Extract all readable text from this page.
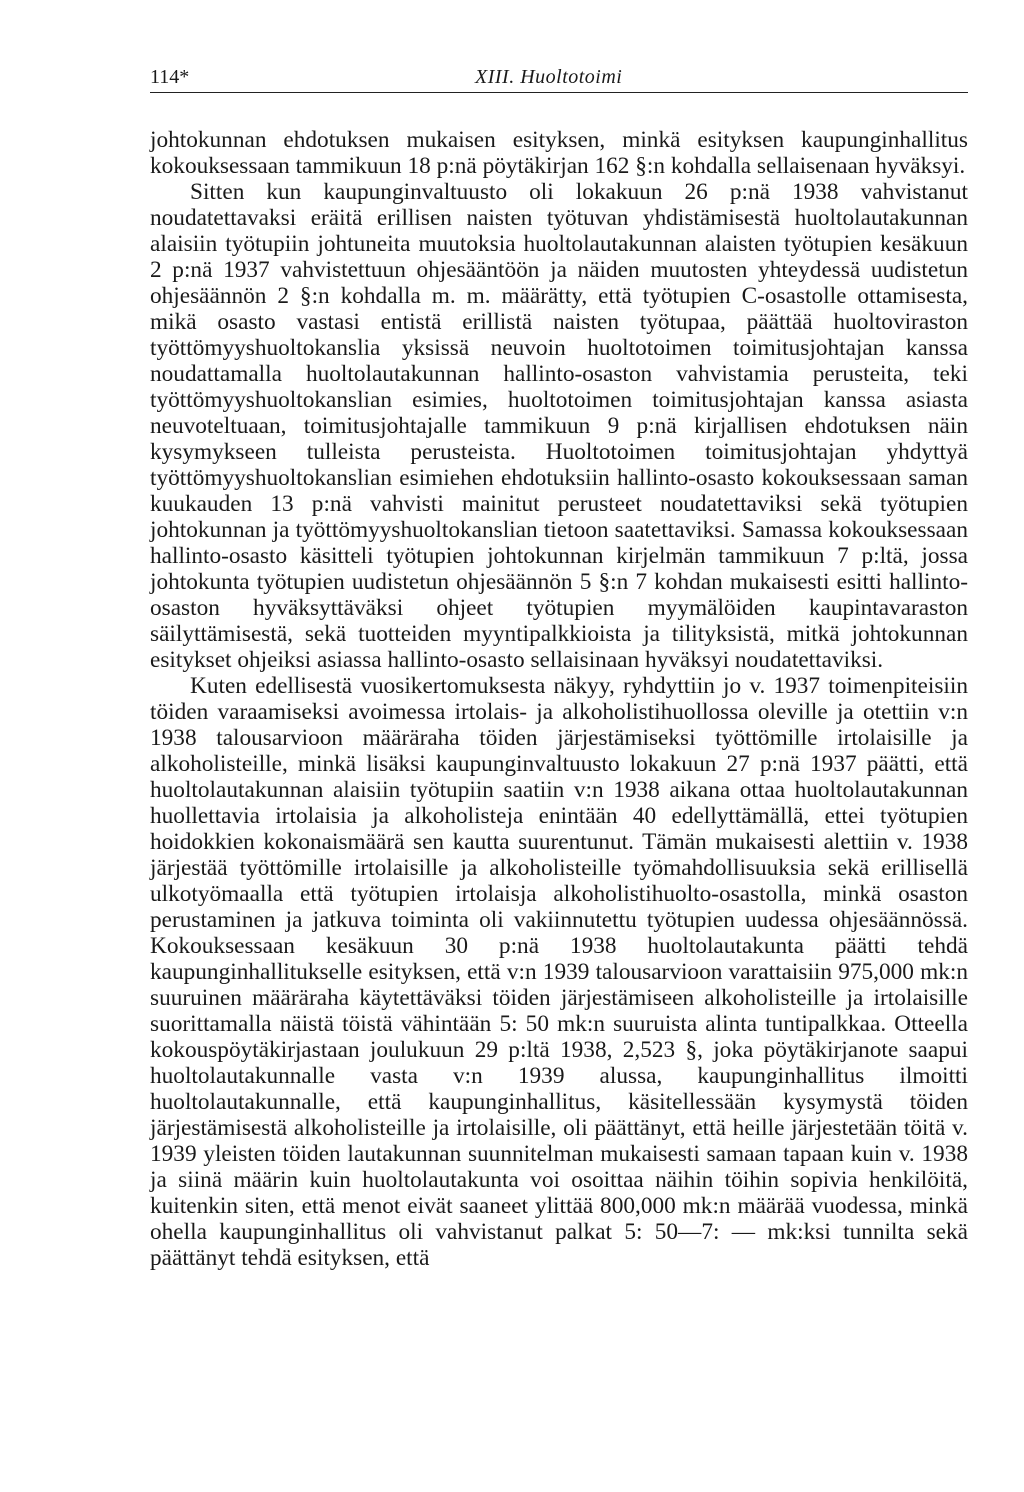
114*	XIII. Huoltotoimi

johtokunnan ehdotuksen mukaisen esityksen, minkä esityksen kaupunginhallitus kokouksessaan tammikuun 18 p:nä pöytäkirjan 162 §:n kohdalla sellaisenaan hyväksyi.

Sitten kun kaupunginvaltuusto oli lokakuun 26 p:nä 1938 vahvistanut noudatettavaksi eräitä erillisen naisten työtuvan yhdistämisestä huoltolautakunnan alaisiin työtupiin johtuneita muutoksia huoltolautakunnan alaisten työtupien kesäkuun 2 p:nä 1937 vahvistettuun ohjesääntöön ja näiden muutosten yhteydessä uudistetun ohjesäännön 2 §:n kohdalla m. m. määrätty, että työtupien C-osastolle ottamisesta, mikä osasto vastasi entistä erillistä naisten työtupaa, päättää huoltoviraston työttömyyshuoltokanslia yksissä neuvoin huoltotoimen toimitusjohtajan kanssa noudattamalla huoltolautakunnan hallinto-osaston vahvistamia perusteita, teki työttömyyshuoltokanslian esimies, huoltotoimen toimitusjohtajan kanssa asiasta neuvoteltuaan, toimitusjohtajalle tammikuun 9 p:nä kirjallisen ehdotuksen näin kysymykseen tulleista perusteista. Huoltotoimen toimitusjohtajan yhdyttyä työttömyyshuoltokanslian esimiehen ehdotuksiin hallinto-osasto kokouksessaan saman kuukauden 13 p:nä vahvisti mainitut perusteet noudatettaviksi sekä työtupien johtokunnan ja työttömyyshuoltokanslian tietoon saatettaviksi. Samassa kokouksessaan hallinto-osasto käsitteli työtupien johtokunnan kirjelmän tammikuun 7 p:ltä, jossa johtokunta työtupien uudistetun ohjesäännön 5 §:n 7 kohdan mukaisesti esitti hallinto-osaston hyväksyttäväksi ohjeet työtupien myymälöiden kaupintavaraston säilyttämisestä, sekä tuotteiden myyntipalkkioista ja tilityksistä, mitkä johtokunnan esitykset ohjeiksi asiassa hallinto-osasto sellaisinaan hyväksyi noudatettaviksi.

Kuten edellisestä vuosikertomuksesta näkyy, ryhdyttiin jo v. 1937 toimenpiteisiin töiden varaamiseksi avoimessa irtolais- ja alkoholistihuollossa oleville ja otettiin v:n 1938 talousarvioon määräraha töiden järjestämiseksi työttömille irtolaisille ja alkoholisteille, minkä lisäksi kaupunginvaltuusto lokakuun 27 p:nä 1937 päätti, että huoltolautakunnan alaisiin työtupiin saatiin v:n 1938 aikana ottaa huoltolautakunnan huollettavia irtolaisia ja alkoholisteja enintään 40 edellyttämällä, ettei työtupien hoidokkien kokonaismäärä sen kautta suurentunut. Tämän mukaisesti alettiin v. 1938 järjestää työttömille irtolaisille ja alkoholisteille työmahdollisuuksia sekä erillisellä ulkotyömaalla että työtupien irtolaisja alkoholistihuolto-osastolla, minkä osaston perustaminen ja jatkuva toiminta oli vakiinnutettu työtupien uudessa ohjesäännössä. Kokouksessaan kesäkuun 30 p:nä 1938 huoltolautakunta päätti tehdä kaupunginhallitukselle esityksen, että v:n 1939 talousarvioon varattaisiin 975,000 mk:n suuruinen määräraha käytettäväksi töiden järjestämiseen alkoholisteille ja irtolaisille suorittamalla näistä töistä vähintään 5: 50 mk:n suuruista alinta tuntipalkkaa. Otteella kokouspöytäkirjastaan joulukuun 29 p:ltä 1938, 2,523 §, joka pöytäkirjanote saapui huoltolautakunnalle vasta v:n 1939 alussa, kaupunginhallitus ilmoitti huoltolautakunnalle, että kaupunginhallitus, käsitellessään kysymystä töiden järjestämisestä alkoholisteille ja irtolaisille, oli päättänyt, että heille järjestetään töitä v. 1939 yleisten töiden lautakunnan suunnitelman mukaisesti samaan tapaan kuin v. 1938 ja siinä määrin kuin huoltolautakunta voi osoittaa näihin töihin sopivia henkilöitä, kuitenkin siten, että menot eivät saaneet ylittää 800,000 mk:n määrää vuodessa, minkä ohella kaupunginhallitus oli vahvistanut palkat 5: 50—7: — mk:ksi tunnilta sekä päättänyt tehdä esityksen, että
